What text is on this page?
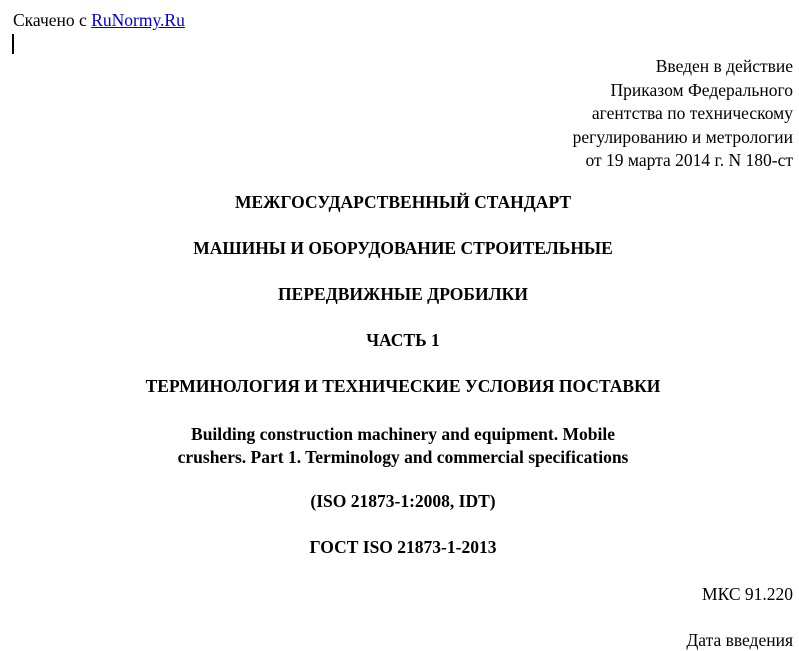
Скачено с RuNormy.Ru
Введен в действие
Приказом Федерального
агентства по техническому
регулированию и метрологии
от 19 марта 2014 г. N 180-ст
МЕЖГОСУДАРСТВЕННЫЙ СТАНДАРТ
МАШИНЫ И ОБОРУДОВАНИЕ СТРОИТЕЛЬНЫЕ
ПЕРЕДВИЖНЫЕ ДРОБИЛКИ
ЧАСТЬ 1
ТЕРМИНОЛОГИЯ И ТЕХНИЧЕСКИЕ УСЛОВИЯ ПОСТАВКИ
Building construction machinery and equipment. Mobile
crushers. Part 1. Terminology and commercial specifications
(ISO 21873-1:2008, IDT)
ГОСТ ISO 21873-1-2013
МКС 91.220
Дата введения
